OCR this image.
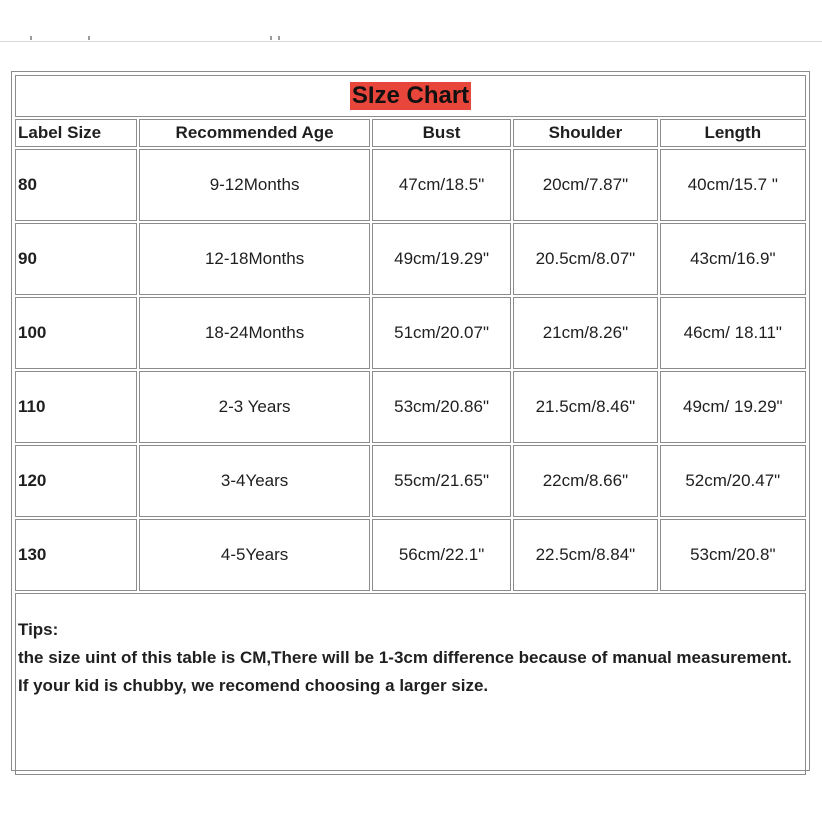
SIze Chart				
Label Size	Recommended Age	Bust	Shoulder	Length
80	9-12Months	47cm/18.5"	20cm/7.87"	40cm/15.7 "
90	12-18Months	49cm/19.29"	20.5cm/8.07"	43cm/16.9"
100	18-24Months	51cm/20.07"	21cm/8.26"	46cm/ 18.11"
110	2-3 Years	53cm/20.86"	21.5cm/8.46"	49cm/ 19.29"
120	3-4Years	55cm/21.65"	22cm/8.66"	52cm/20.47"
130	4-5Years	56cm/22.1"	22.5cm/8.84"	53cm/20.8"

Tips:
the size uint of this table is CM,There will be 1-3cm difference because of manual measurement.
If your kid is chubby, we recomend choosing a larger size.				
